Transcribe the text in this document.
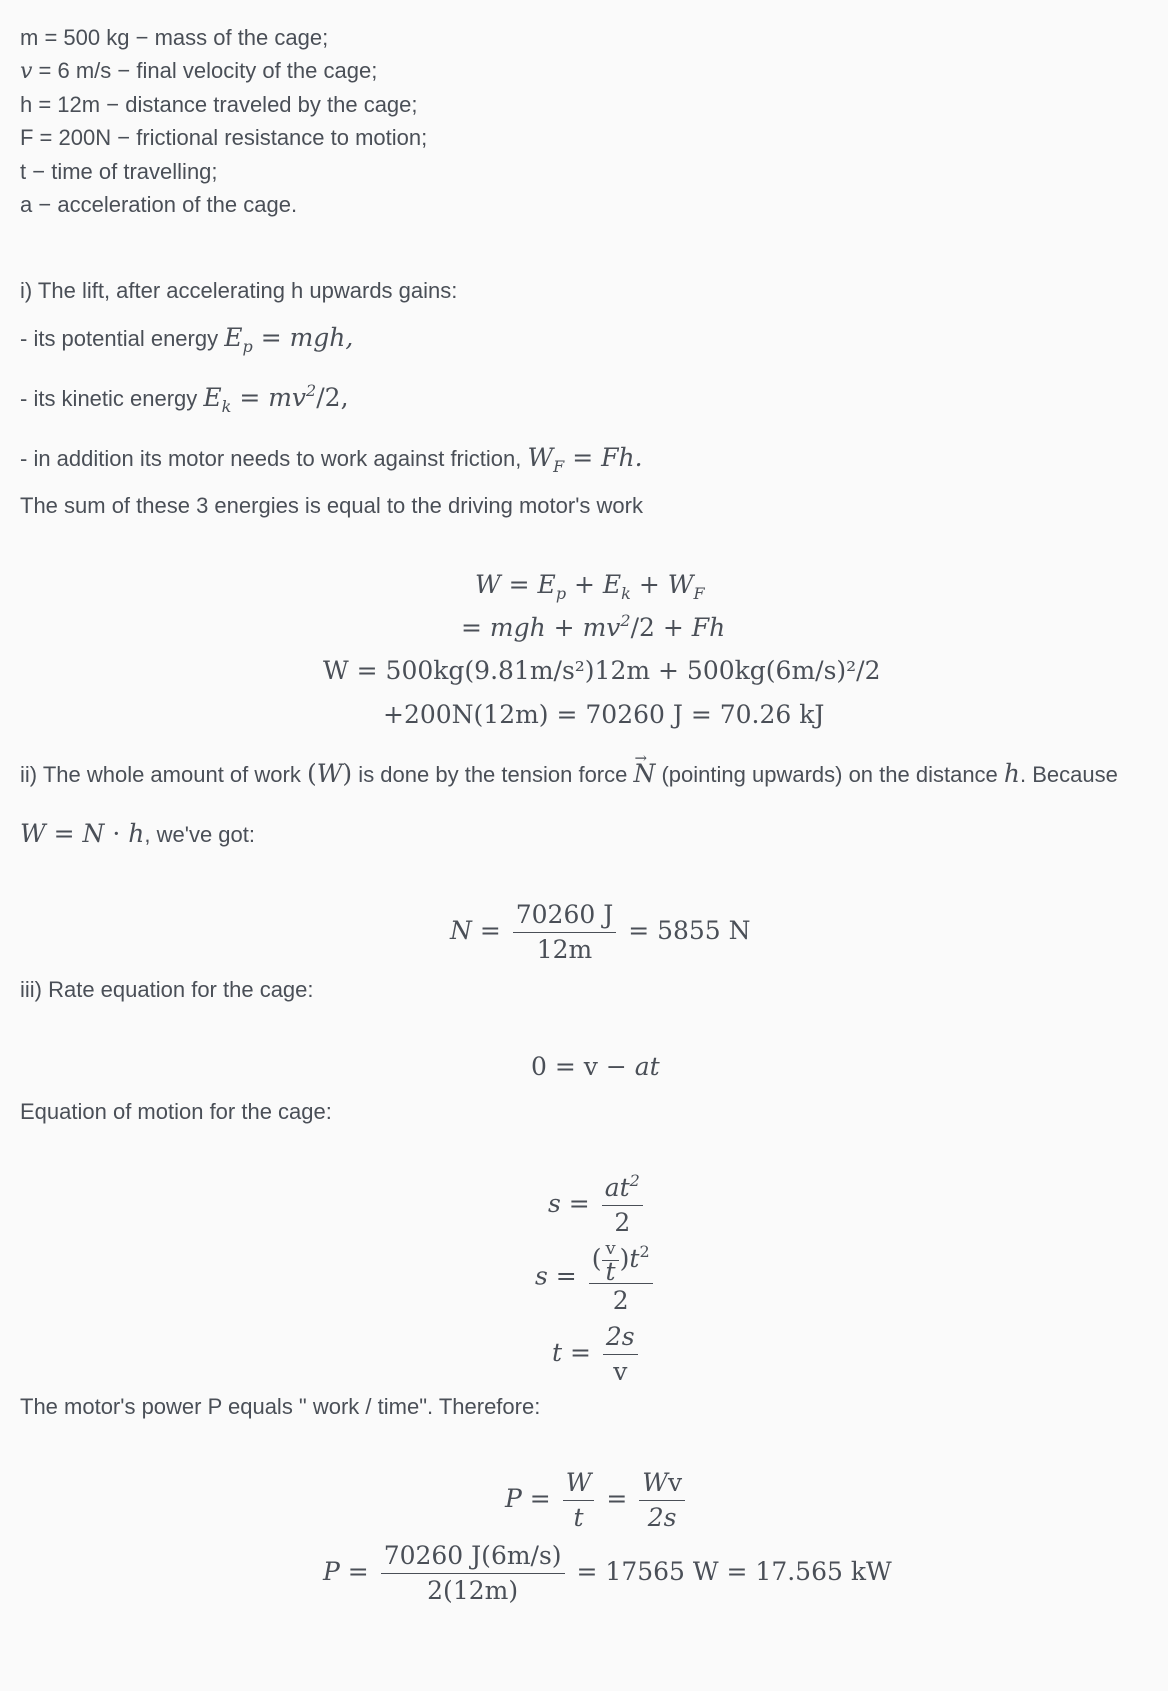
m = 500 kg − mass of the cage;
v = 6 m/s − final velocity of the cage;
h = 12m − distance traveled by the cage;
F = 200N − frictional resistance to motion;
t − time of travelling;
a − acceleration of the cage.
i) The lift, after accelerating h upwards gains:
- its potential energy $E_p$ = mgh,
- its kinetic energy $E_k = mv^2/2$,
- in addition its motor needs to work against friction, $W_F = Fh$.
The sum of these 3 energies is equal to the driving motor's work
$W = E_p + E_k + W_F$
= mgh + $mv^2/2 + Fh$
W = 500kg(9.81m/s²)12m + 500kg(6m/s)²/2
+200N(12m) = 70260 J = 70.26 kJ
ii) The whole amount of work (W) is done by the tension force N → (pointing upwards) on the distance h. Because
W = N · h, we've got:
$N = \frac{70260 J}{12m} = 5855$ N
iii) Rate equation for the cage:
0 = v − at
Equation of motion for the cage:
$s = \frac{at^2}{2}$
$s = \frac{( \frac{v}{t} )t^2}{2}$
$t = \frac{2s}{v}$
The motor's power P equals " work / time". Therefore:
$P = \frac{W}{t} = \frac{Wv}{2s}$
$P = \frac{70260 J(6m/s)}{2(12m)} = 17565$ W = 17.565 kW
